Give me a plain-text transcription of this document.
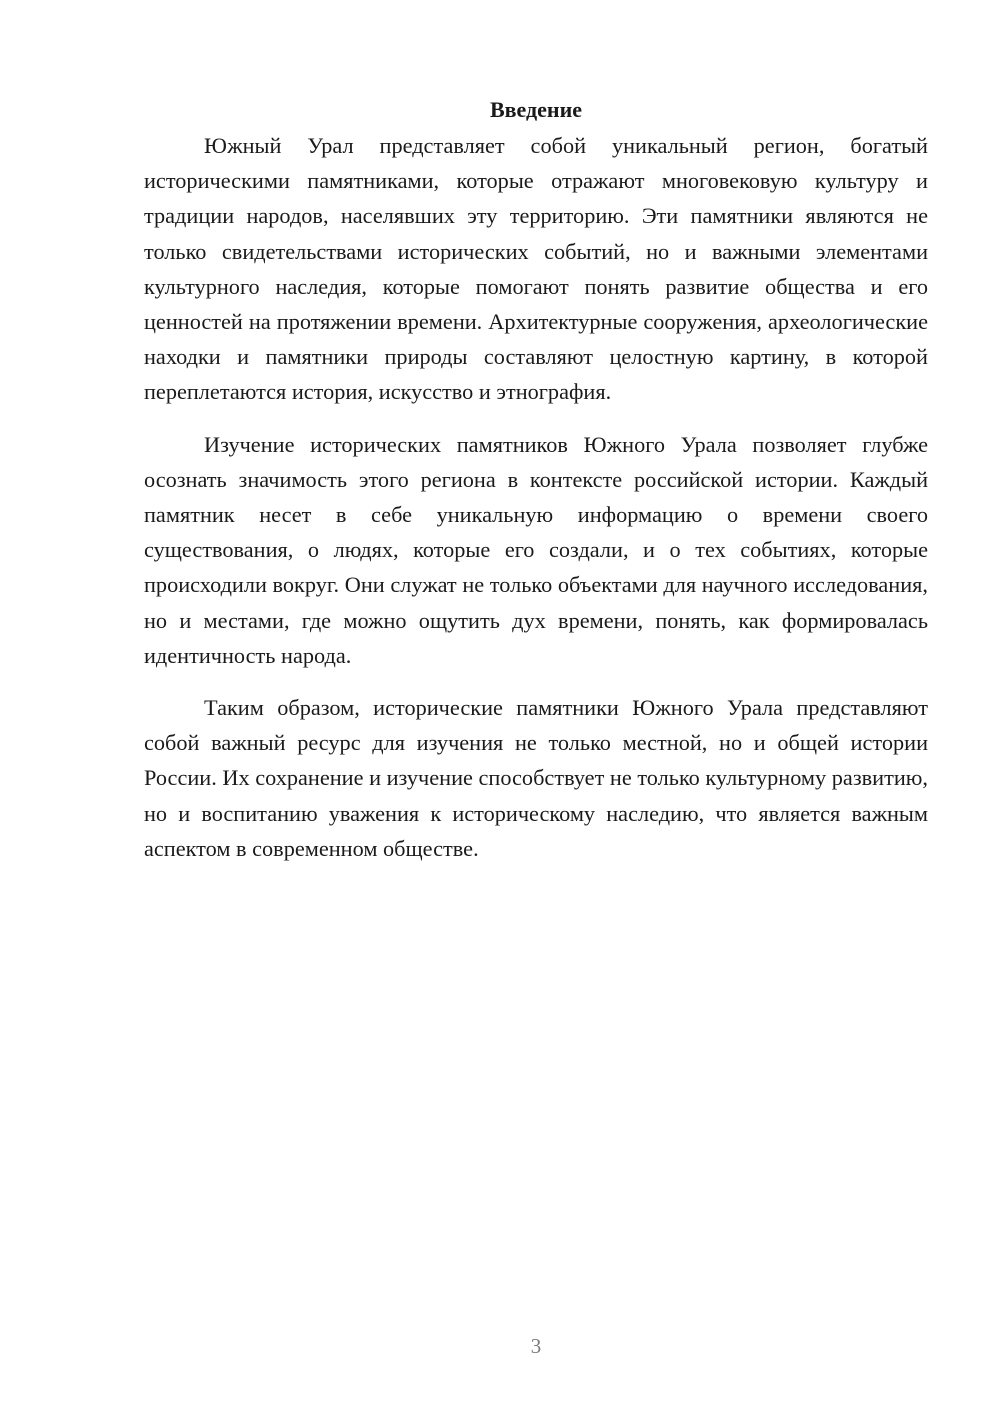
Введение

Южный Урал представляет собой уникальный регион, богатый историческими памятниками, которые отражают многовековую культуру и традиции народов, населявших эту территорию. Эти памятники являются не только свидетельствами исторических событий, но и важными элементами культурного наследия, которые помогают понять развитие общества и его ценностей на протяжении времени. Архитектурные сооружения, археологические находки и памятники природы составляют целостную картину, в которой переплетаются история, искусство и этнография.

Изучение исторических памятников Южного Урала позволяет глубже осознать значимость этого региона в контексте российской истории. Каждый памятник несет в себе уникальную информацию о времени своего существования, о людях, которые его создали, и о тех событиях, которые происходили вокруг. Они служат не только объектами для научного исследования, но и местами, где можно ощутить дух времени, понять, как формировалась идентичность народа.

Таким образом, исторические памятники Южного Урала представляют собой важный ресурс для изучения не только местной, но и общей истории России. Их сохранение и изучение способствует не только культурному развитию, но и воспитанию уважения к историческому наследию, что является важным аспектом в современном обществе.

3
